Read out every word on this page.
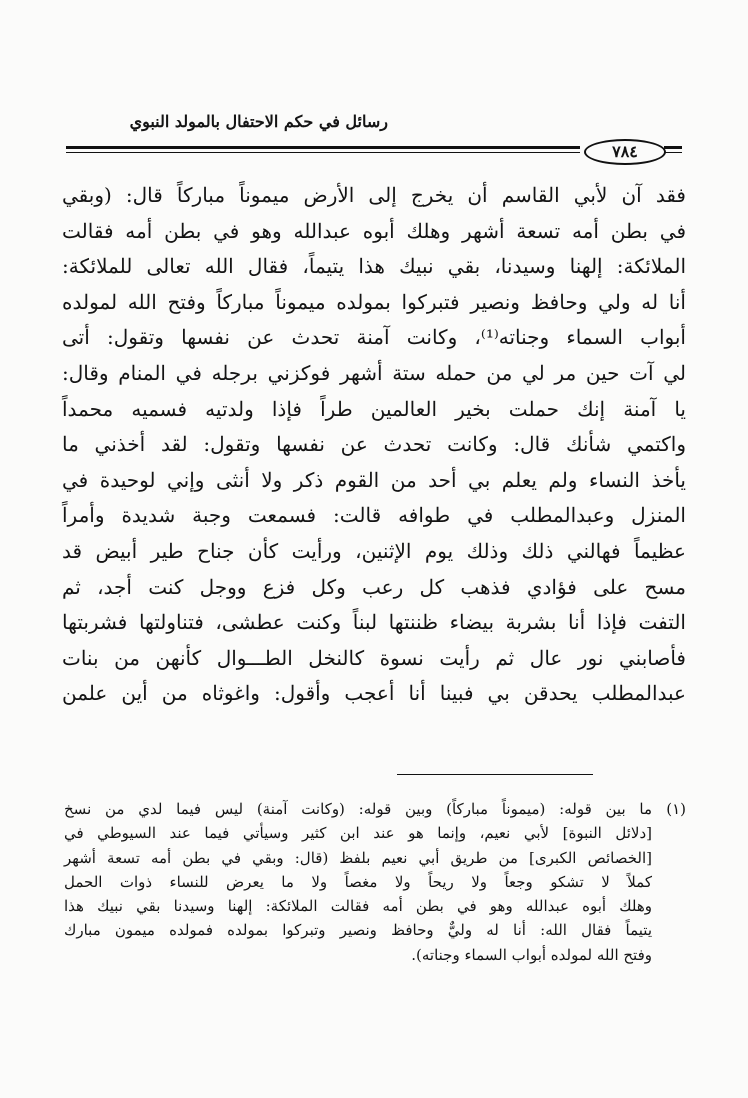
رسائل في حكم الاحتفال بالمولد النبوي
٧٨٤
فقد آن لأبي القاسم أن يخرج إلى الأرض ميموناً مباركاً قال: (وبقي
في بطن أمه تسعة أشهر وهلك أبوه عبدالله وهو في بطن أمه فقالت
الملائكة: إلهنا وسيدنا، بقي نبيك هذا يتيماً، فقال الله تعالى للملائكة:
أنا له ولي وحافظ ونصير فتبركوا بمولده ميموناً مباركاً وفتح الله لمولده
أبواب السماء وجناته⁽¹⁾، وكانت آمنة تحدث عن نفسها وتقول: أتى
لي آت حين مر لي من حمله ستة أشهر فوكزني برجله في المنام وقال:
يا آمنة إنك حملت بخير العالمين طراً فإذا ولدتيه فسميه محمداً
واكتمي شأنك قال: وكانت تحدث عن نفسها وتقول: لقد أخذني ما
يأخذ النساء ولم يعلم بي أحد من القوم ذكر ولا أنثى وإني لوحيدة في
المنزل وعبدالمطلب في طوافه قالت: فسمعت وجبة شديدة وأمراً
عظيماً فهالني ذلك وذلك يوم الإثنين، ورأيت كأن جناح طير أبيض قد
مسح على فؤادي فذهب كل رعب وكل فزع ووجل كنت أجد، ثم
التفت فإذا أنا بشربة بيضاء ظننتها لبناً وكنت عطشى، فتناولتها فشربتها
فأصابني نور عال ثم رأيت نسوة كالنخل الطـــوال كأنهن من بنات
عبدالمطلب يحدقن بي فبينا أنا أعجب وأقول: واغوثاه من أين علمن
(١)
ما بين قوله: (ميموناً مباركاً) وبين قوله: (وكانت آمنة) ليس فيما لدي من نسخ
[دلائل النبوة] لأبي نعيم، وإنما هو عند ابن كثير وسيأتي فيما عند السيوطي في
[الخصائص الكبرى] من طريق أبي نعيم بلفظ (قال: وبقي في بطن أمه تسعة أشهر
كملاً لا تشكو وجعاً ولا ريحاً ولا مغصاً ولا ما يعرض للنساء ذوات الحمل
وهلك أبوه عبدالله وهو في بطن أمه فقالت الملائكة: إلهنا وسيدنا بقي نبيك هذا
يتيماً فقال الله: أنا له وليٌّ وحافظ ونصير وتبركوا بمولده فمولده ميمون مبارك
وفتح الله لمولده أبواب السماء وجناته).
